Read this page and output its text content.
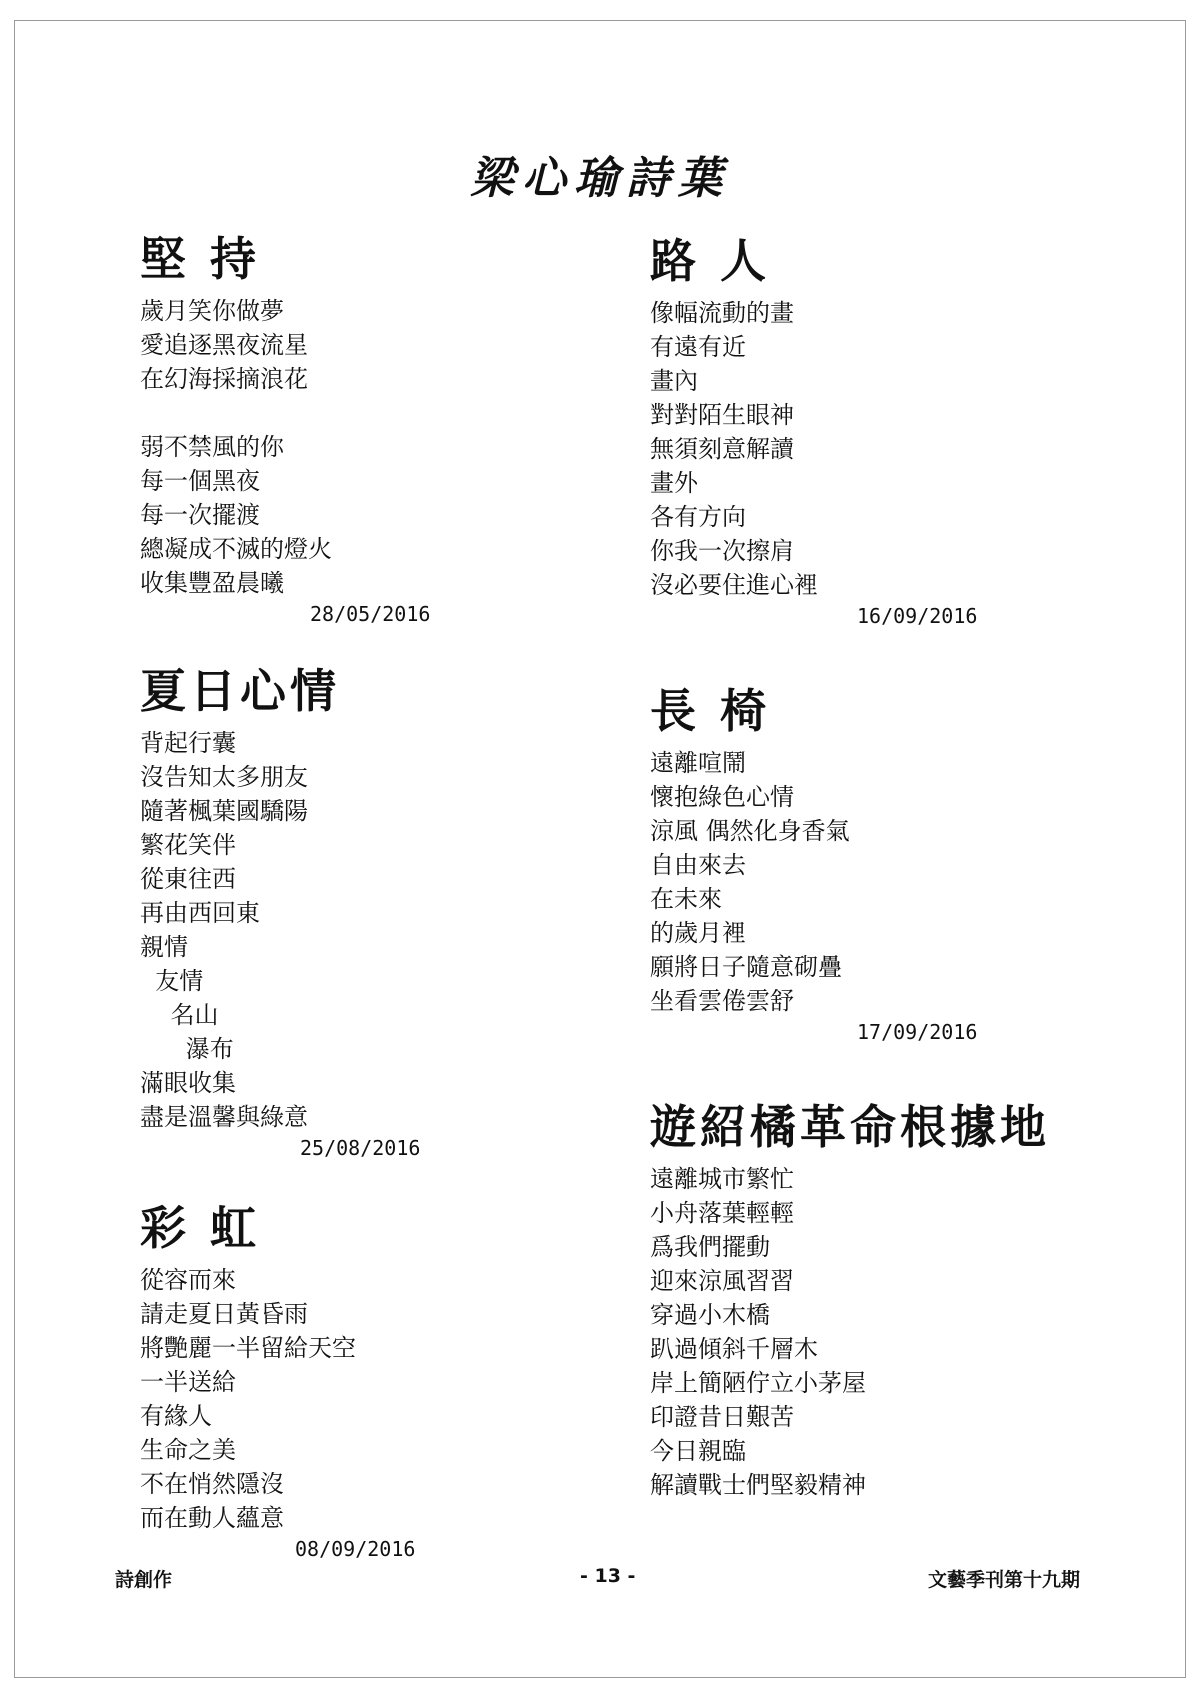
梁心瑜詩葉
堅 持
歲月笑你做夢
愛追逐黑夜流星
在幻海採摘浪花
弱不禁風的你
每一個黑夜
每一次擺渡
總凝成不滅的燈火
收集豐盈晨曦
28/05/2016
夏日心情
背起行囊
沒告知太多朋友
隨著楓葉國驕陽
繁花笑伴
從東往西
再由西回東
親情
友情
名山
瀑布
滿眼收集
盡是溫馨與綠意
25/08/2016
彩 虹
從容而來
請走夏日黃昏雨
將艷麗一半留給天空
一半送給
有緣人
生命之美
不在悄然隱沒
而在動人蘊意
08/09/2016
路 人
像幅流動的畫
有遠有近
畫內
對對陌生眼神
無須刻意解讀
畫外
各有方向
你我一次擦肩
沒必要住進心裡
16/09/2016
長 椅
遠離喧鬧
懷抱綠色心情
涼風 偶然化身香氣
自由來去
在未來
的歲月裡
願將日子隨意砌疊
坐看雲倦雲舒
17/09/2016
遊紹橘革命根據地
遠離城市繁忙
小舟落葉輕輕
爲我們擺動
迎來涼風習習
穿過小木橋
趴過傾斜千層木
岸上簡陋佇立小茅屋
印證昔日艱苦
今日親臨
解讀戰士們堅毅精神
詩創作	- 13 -	文藝季刊第十九期
